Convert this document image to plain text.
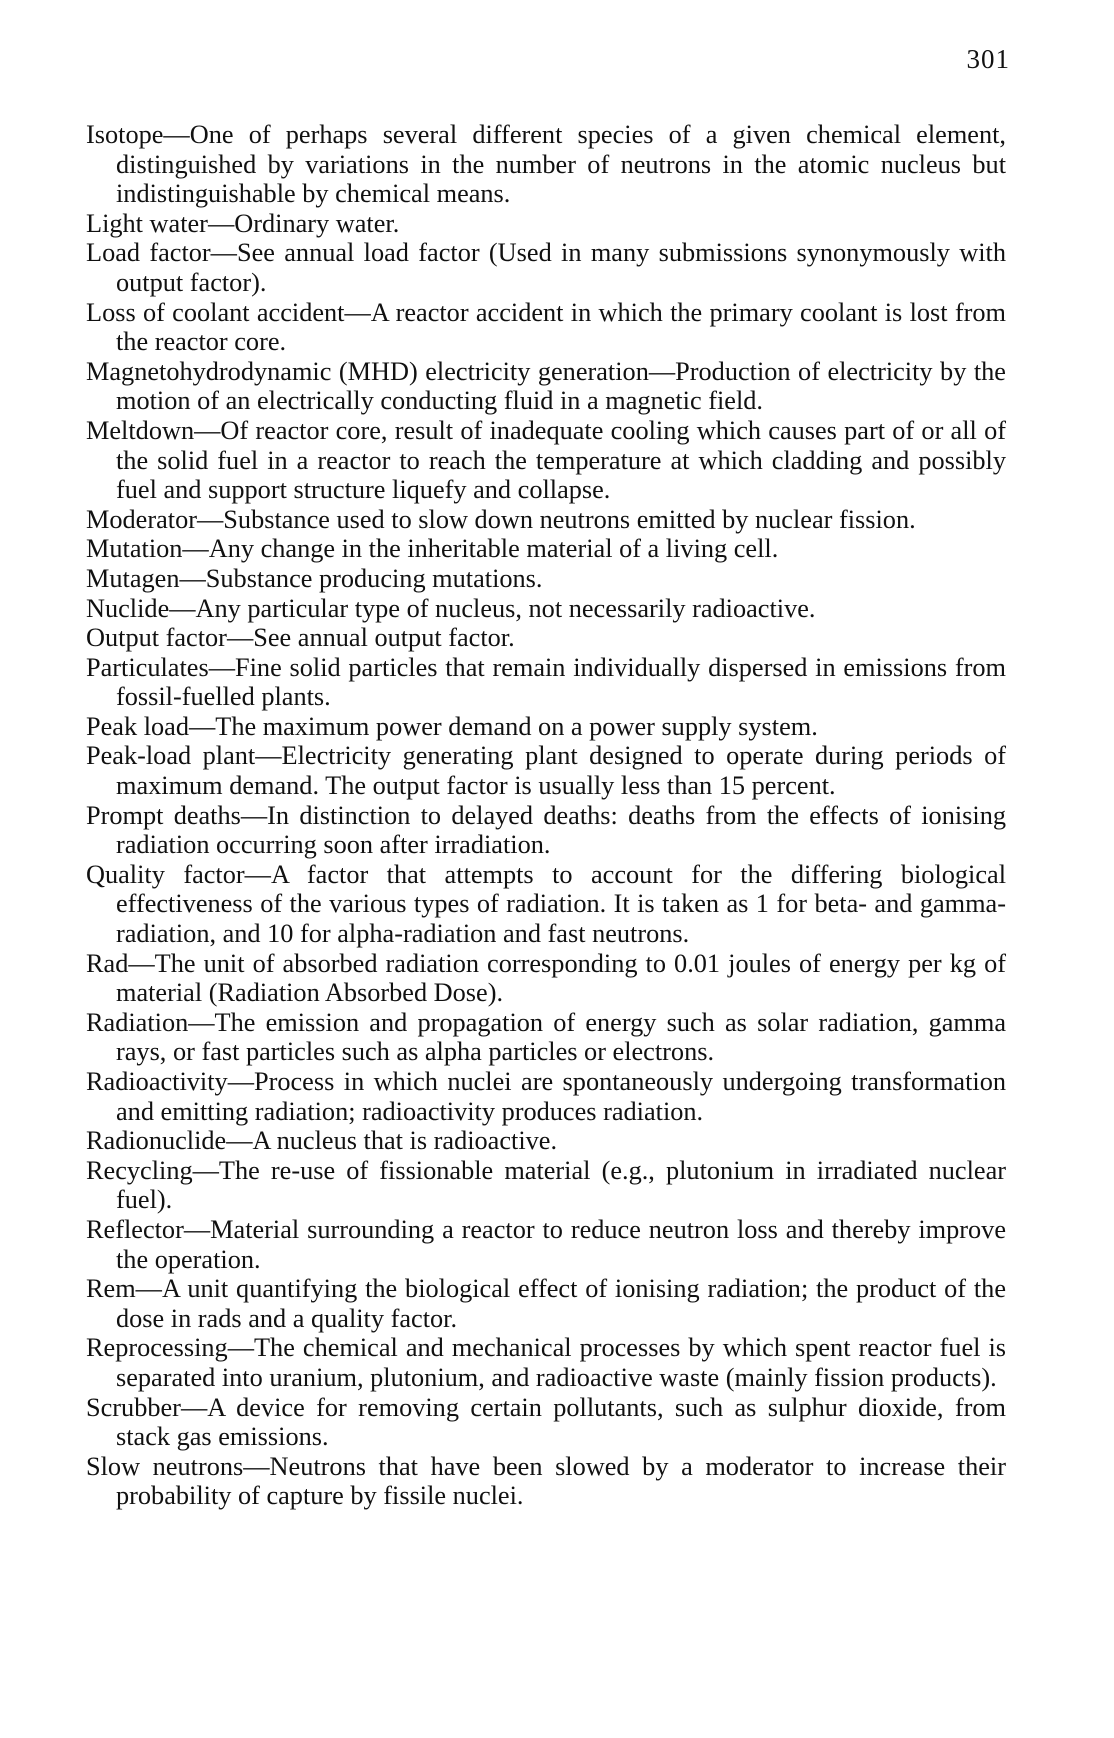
301
Isotope—One of perhaps several different species of a given chemical element, distinguished by variations in the number of neutrons in the atomic nucleus but indistinguishable by chemical means.
Light water—Ordinary water.
Load factor—See annual load factor (Used in many submissions synonymously with output factor).
Loss of coolant accident—A reactor accident in which the primary coolant is lost from the reactor core.
Magnetohydrodynamic (MHD) electricity generation—Production of electricity by the motion of an electrically conducting fluid in a magnetic field.
Meltdown—Of reactor core, result of inadequate cooling which causes part of or all of the solid fuel in a reactor to reach the temperature at which cladding and possibly fuel and support structure liquefy and collapse.
Moderator—Substance used to slow down neutrons emitted by nuclear fission.
Mutation—Any change in the inheritable material of a living cell.
Mutagen—Substance producing mutations.
Nuclide—Any particular type of nucleus, not necessarily radioactive.
Output factor—See annual output factor.
Particulates—Fine solid particles that remain individually dispersed in emissions from fossil-fuelled plants.
Peak load—The maximum power demand on a power supply system.
Peak-load plant—Electricity generating plant designed to operate during periods of maximum demand. The output factor is usually less than 15 percent.
Prompt deaths—In distinction to delayed deaths: deaths from the effects of ionising radiation occurring soon after irradiation.
Quality factor—A factor that attempts to account for the differing biological effectiveness of the various types of radiation. It is taken as 1 for beta- and gamma- radiation, and 10 for alpha-radiation and fast neutrons.
Rad—The unit of absorbed radiation corresponding to 0.01 joules of energy per kg of material (Radiation Absorbed Dose).
Radiation—The emission and propagation of energy such as solar radiation, gamma rays, or fast particles such as alpha particles or electrons.
Radioactivity—Process in which nuclei are spontaneously undergoing transformation and emitting radiation; radioactivity produces radiation.
Radionuclide—A nucleus that is radioactive.
Recycling—The re-use of fissionable material (e.g., plutonium in irradiated nuclear fuel).
Reflector—Material surrounding a reactor to reduce neutron loss and thereby improve the operation.
Rem—A unit quantifying the biological effect of ionising radiation; the product of the dose in rads and a quality factor.
Reprocessing—The chemical and mechanical processes by which spent reactor fuel is separated into uranium, plutonium, and radioactive waste (mainly fission products).
Scrubber—A device for removing certain pollutants, such as sulphur dioxide, from stack gas emissions.
Slow neutrons—Neutrons that have been slowed by a moderator to increase their probability of capture by fissile nuclei.
